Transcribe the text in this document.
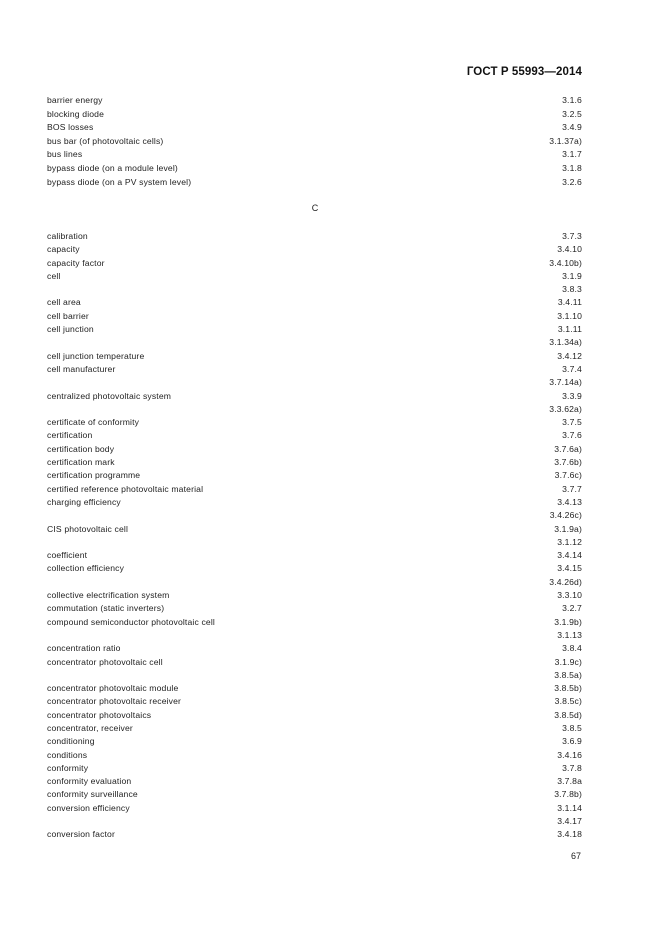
ГОСТ Р 55993—2014
barrier energy	3.1.6
blocking diode	3.2.5
BOS losses	3.4.9
bus bar (of photovoltaic cells)	3.1.37a)
bus lines	3.1.7
bypass diode (on a module level)	3.1.8
bypass diode (on a PV system level)	3.2.6
C
calibration	3.7.3
capacity	3.4.10
capacity factor	3.4.10b)
cell	3.1.9
3.8.3
cell area	3.4.11
cell barrier	3.1.10
cell junction	3.1.11
3.1.34a)
cell junction temperature	3.4.12
cell manufacturer	3.7.4
3.7.14a)
centralized photovoltaic system	3.3.9
3.3.62a)
certificate of conformity	3.7.5
certification	3.7.6
certification body	3.7.6a)
certification mark	3.7.6b)
certification programme	3.7.6c)
certified reference photovoltaic material	3.7.7
charging efficiency	3.4.13
3.4.26c)
CIS photovoltaic cell	3.1.9a)
3.1.12
coefficient	3.4.14
collection efficiency	3.4.15
3.4.26d)
collective electrification system	3.3.10
commutation (static inverters)	3.2.7
compound semiconductor photovoltaic cell	3.1.9b)
3.1.13
concentration ratio	3.8.4
concentrator photovoltaic cell	3.1.9c)
3.8.5a)
concentrator photovoltaic module	3.8.5b)
concentrator photovoltaic receiver	3.8.5c)
concentrator photovoltaics	3.8.5d)
concentrator, receiver	3.8.5
conditioning	3.6.9
conditions	3.4.16
conformity	3.7.8
conformity evaluation	3.7.8a
conformity surveillance	3.7.8b)
conversion efficiency	3.1.14
3.4.17
conversion factor	3.4.18
67
